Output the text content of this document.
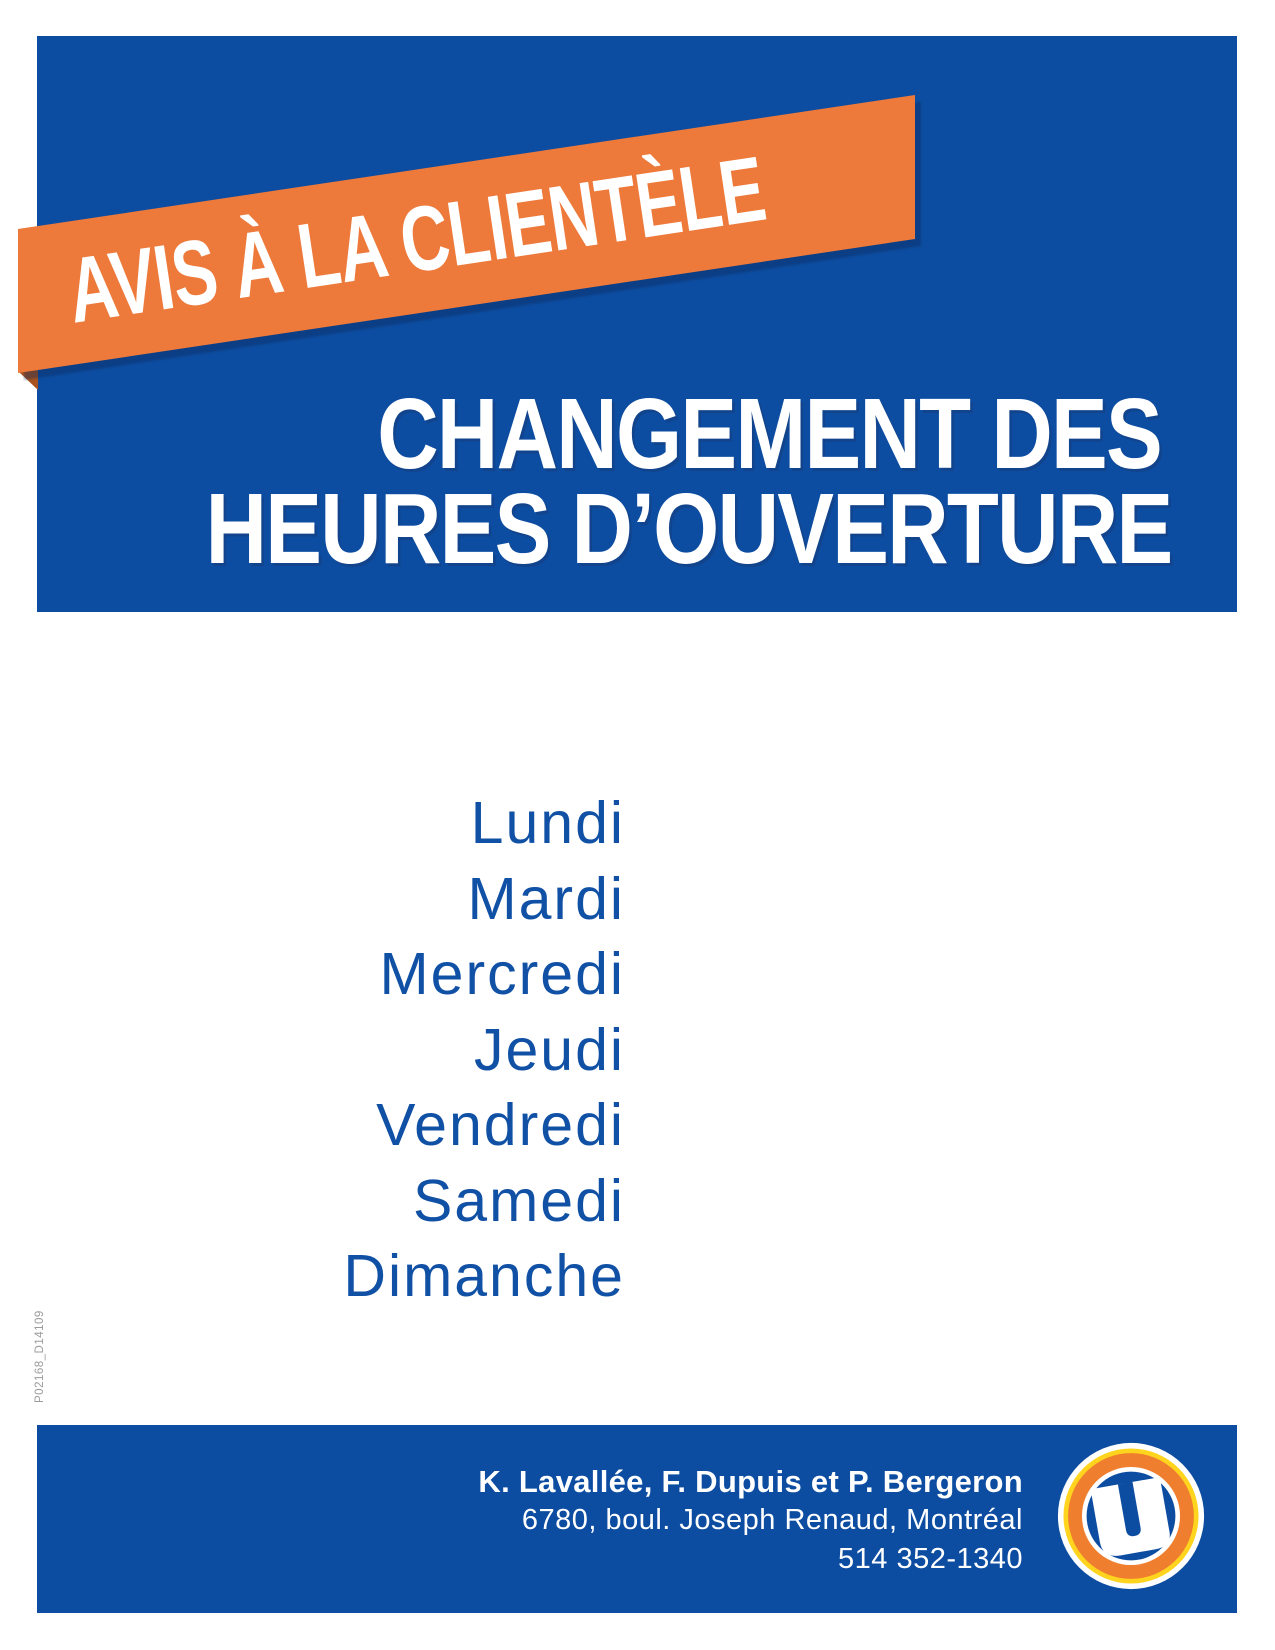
AVIS À LA CLIENTÈLE
CHANGEMENT DES
HEURES D’OUVERTURE
Lundi
Mardi
Mercredi
Jeudi
Vendredi
Samedi
Dimanche
K. Lavallée, F. Dupuis et P. Bergeron
6780, boul. Joseph Renaud, Montréal
514 352-1340
P02168_D14109
